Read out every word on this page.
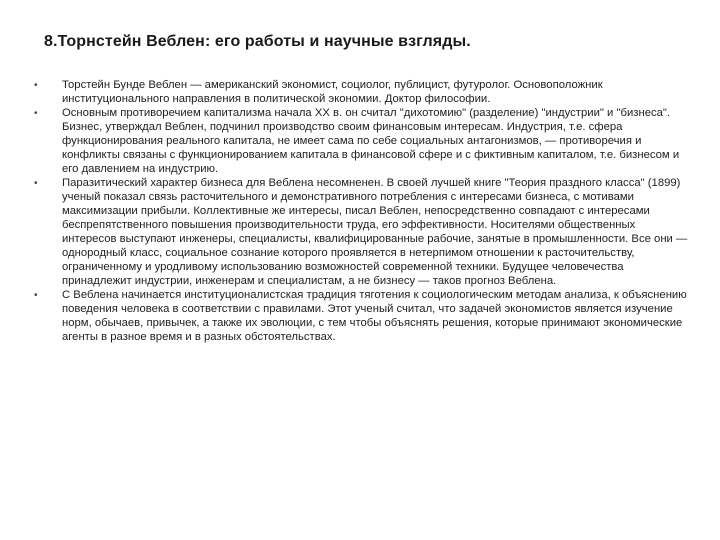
8.Торнстейн Веблен: его работы и научные взгляды.
• Торстейн Бунде Веблен — американский экономист, социолог, публицист, футуролог. Основоположник институционального направления в политической экономии. Доктор философии.
• Основным противоречием капитализма начала XX в. он считал "дихотомию" (разделение) "индустрии" и "бизнеса". Бизнес, утверждал Веблен, подчинил производство своим финансовым интересам. Индустрия, т.е. сфера функционирования реального капитала, не имеет сама по себе социальных антагонизмов, — противоречия и конфликты связаны с функционированием капитала в финансовой сфере и с фиктивным капиталом, т.е. бизнесом и его давлением на индустрию.
• Паразитический характер бизнеса для Веблена несомненен. В своей лучшей книге "Теория праздного класса" (1899) ученый показал связь расточительного и демонстративного потребления с интересами бизнеса, с мотивами максимизации прибыли. Коллективные же интересы, писал Веблен, непосредственно совпадают с интересами беспрепятственного повышения производительности труда, его эффективности. Носителями общественных интересов выступают инженеры, специалисты, квалифицированные рабочие, занятые в промышленности. Все они — однородный класс, социальное сознание которого проявляется в нетерпимом отношении к расточительству, ограниченному и уродливому использованию возможностей современной техники. Будущее человечества принадлежит индустрии, инженерам и специалистам, а не бизнесу — таков прогноз Веблена.
• С Веблена начинается институционалистская традиция тяготения к социологическим методам анализа, к объяснению поведения человека в соответствии с правилами. Этот ученый считал, что задачей экономистов является изучение норм, обычаев, привычек, а также их эволюции, с тем чтобы объяснять решения, которые принимают экономические агенты в разное время и в разных обстоятельствах.
